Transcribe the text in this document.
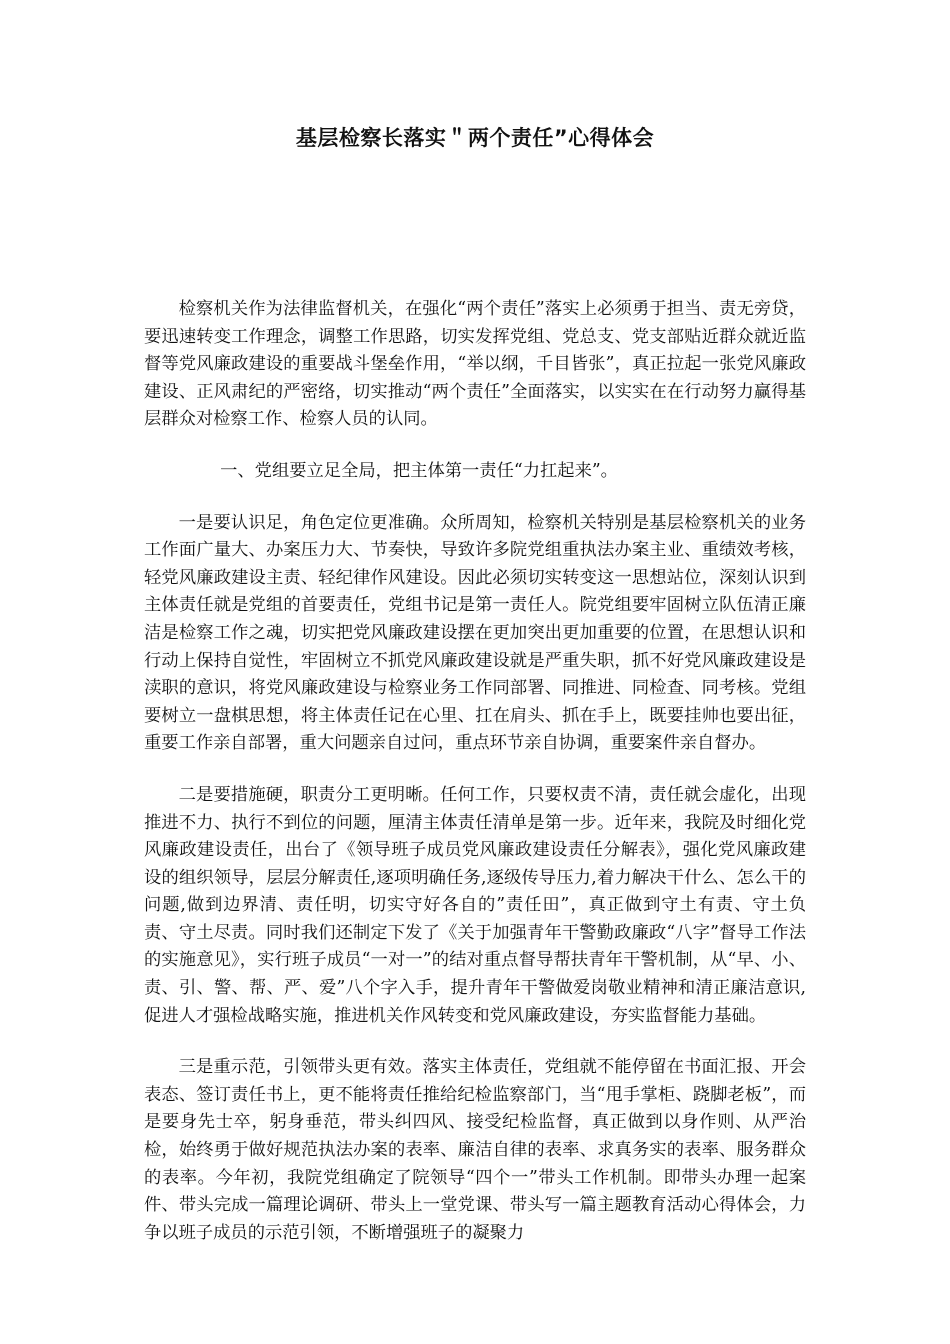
基层检察长落实＂两个责任”心得体会

检察机关作为法律监督机关，在强化“两个责任”落实上必须勇于担当、责无旁贷，要迅速转变工作理念，调整工作思路，切实发挥党组、党总支、党支部贴近群众就近监督等党风廉政建设的重要战斗堡垒作用，“举以纲，千目皆张”，真正拉起一张党风廉政建设、正风肃纪的严密络，切实推动“两个责任”全面落实，以实实在在行动努力赢得基层群众对检察工作、检察人员的认同。

一、党组要立足全局，把主体第一责任“力扛起来”。

一是要认识足，角色定位更准确。众所周知，检察机关特别是基层检察机关的业务工作面广量大、办案压力大、节奏快，导致许多院党组重执法办案主业、重绩效考核，轻党风廉政建设主责、轻纪律作风建设。因此必须切实转变这一思想站位，深刻认识到主体责任就是党组的首要责任，党组书记是第一责任人。院党组要牢固树立队伍清正廉洁是检察工作之魂，切实把党风廉政建设摆在更加突出更加重要的位置，在思想认识和行动上保持自觉性，牢固树立不抓党风廉政建设就是严重失职，抓不好党风廉政建设是渎职的意识，将党风廉政建设与检察业务工作同部署、同推进、同检查、同考核。党组要树立一盘棋思想，将主体责任记在心里、扛在肩头、抓在手上，既要挂帅也要出征，重要工作亲自部署，重大问题亲自过问，重点环节亲自协调，重要案件亲自督办。

二是要措施硬，职责分工更明晰。任何工作，只要权责不清，责任就会虚化，出现推进不力、执行不到位的问题，厘清主体责任清单是第一步。近年来，我院及时细化党风廉政建设责任，出台了《领导班子成员党风廉政建设责任分解表》，强化党风廉政建设的组织领导，层层分解责任,逐项明确任务,逐级传导压力,着力解决干什么、怎么干的问题,做到边界清、责任明，切实守好各自的”责任田”，真正做到守土有责、守土负责、守土尽责。同时我们还制定下发了《关于加强青年干警勤政廉政“八字”督导工作法的实施意见》，实行班子成员“一对一”的结对重点督导帮扶青年干警机制，从“早、小、责、引、警、帮、严、爱”八个字入手，提升青年干警做爱岗敬业精神和清正廉洁意识,促进人才强检战略实施，推进机关作风转变和党风廉政建设，夯实监督能力基础。

三是重示范，引领带头更有效。落实主体责任，党组就不能停留在书面汇报、开会表态、签订责任书上，更不能将责任推给纪检监察部门，当“甩手掌柜、跷脚老板”，而是要身先士卒，躬身垂范，带头纠四风、接受纪检监督，真正做到以身作则、从严治检，始终勇于做好规范执法办案的表率、廉洁自律的表率、求真务实的表率、服务群众的表率。今年初，我院党组确定了院领导“四个一”带头工作机制。即带头办理一起案件、带头完成一篇理论调研、带头上一堂党课、带头写一篇主题教育活动心得体会，力争以班子成员的示范引领，不断增强班子的凝聚力
